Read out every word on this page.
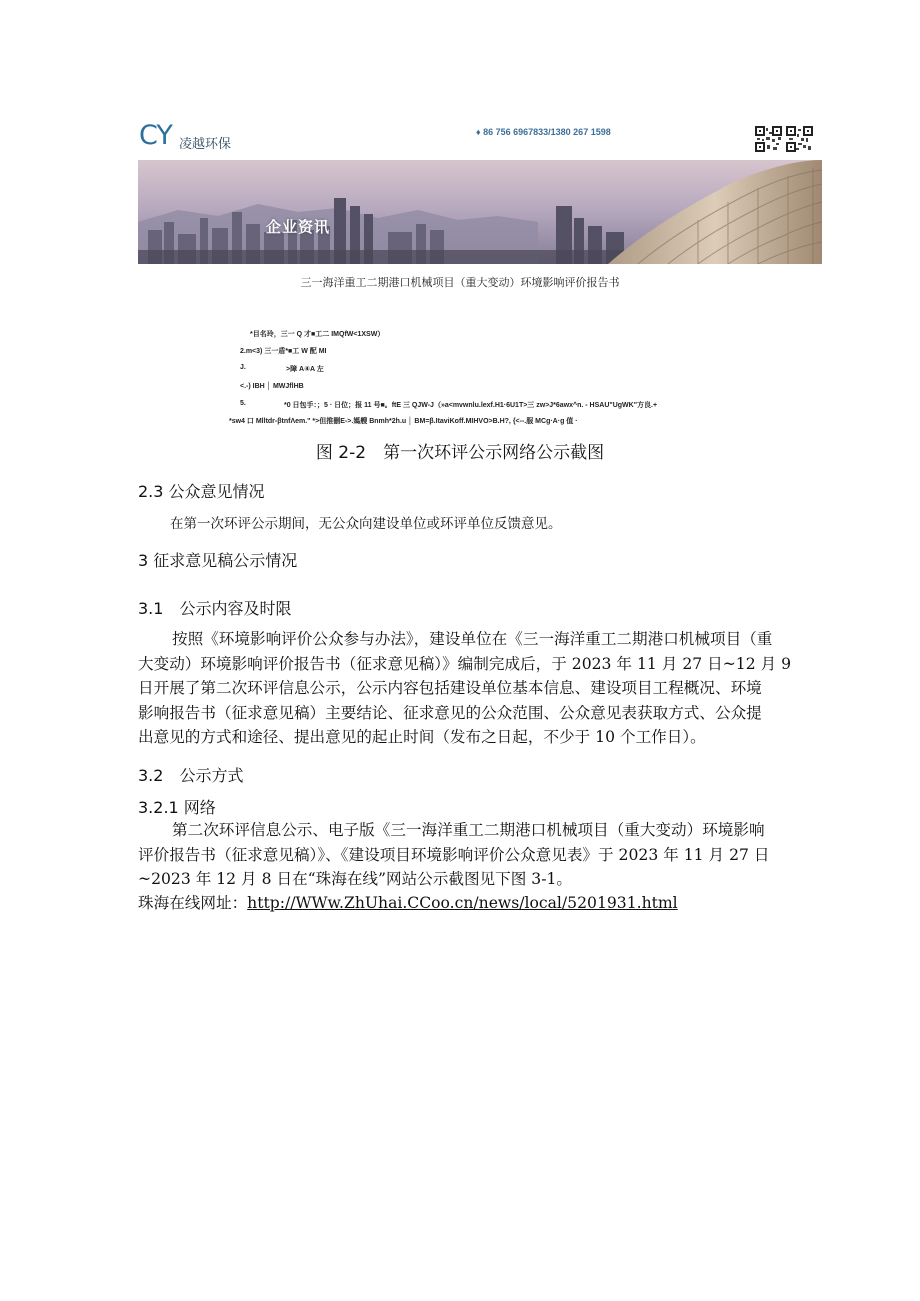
CY 凌越环保
♦ 86 756 6967833/1380 267 1598
企业资讯
三一海洋重工二期港口机械项目（重大变动）环境影响评价报告书
*目名玲，三一 Q 才■工二 IMQfW<1XSW）
2.m<3) 三一盾*■工 W 配 MI
J.	>障 A④A 左
<.-) IBH │ MWJflHB
5.	*0 日包手：；5 · 日位；报 11 号■。ftE 三 QJW-J（»a<mvwnlu.lexf.H1·6U1T>三 zw>J*6awx^n. - HSAU"UgWK"方良.+
*sw4 口 Mlltdr-βtnfΛem." *>但推刪E->.媽艘 Bnmh*2h.u │ BM=β.ItaviKoff.MIHVO>B.H?, {<--.服 MCg·A·g 值 ·
图 2-2　第一次环评公示网络公示截图
2.3 公众意见情况
在第一次环评公示期间，无公众向建设单位或环评单位反馈意见。
3 征求意见稿公示情况
3.1　公示内容及时限
按照《环境影响评价公众参与办法》，建设单位在《三一海洋重工二期港口机械项目（重
大变动）环境影响评价报告书（征求意见稿）》编制完成后，于 2023 年 11 月 27 日~12 月 9
日开展了第二次环评信息公示，公示内容包括建设单位基本信息、建设项目工程概况、环境
影响报告书（征求意见稿）主要结论、征求意见的公众范围、公众意见表获取方式、公众提
出意见的方式和途径、提出意见的起止时间（发布之日起，不少于 10 个工作日）。
3.2　公示方式
3.2.1 网络
第二次环评信息公示、电子版《三一海洋重工二期港口机械项目（重大变动）环境影响
评价报告书（征求意见稿）》、《建设项目环境影响评价公众意见表》于 2023 年 11 月 27 日
~2023 年 12 月 8 日在“珠海在线”网站公示截图见下图 3-1。
珠海在线网址：http://WWw.ZhUhai.CCoo.cn/news/local/5201931.html
